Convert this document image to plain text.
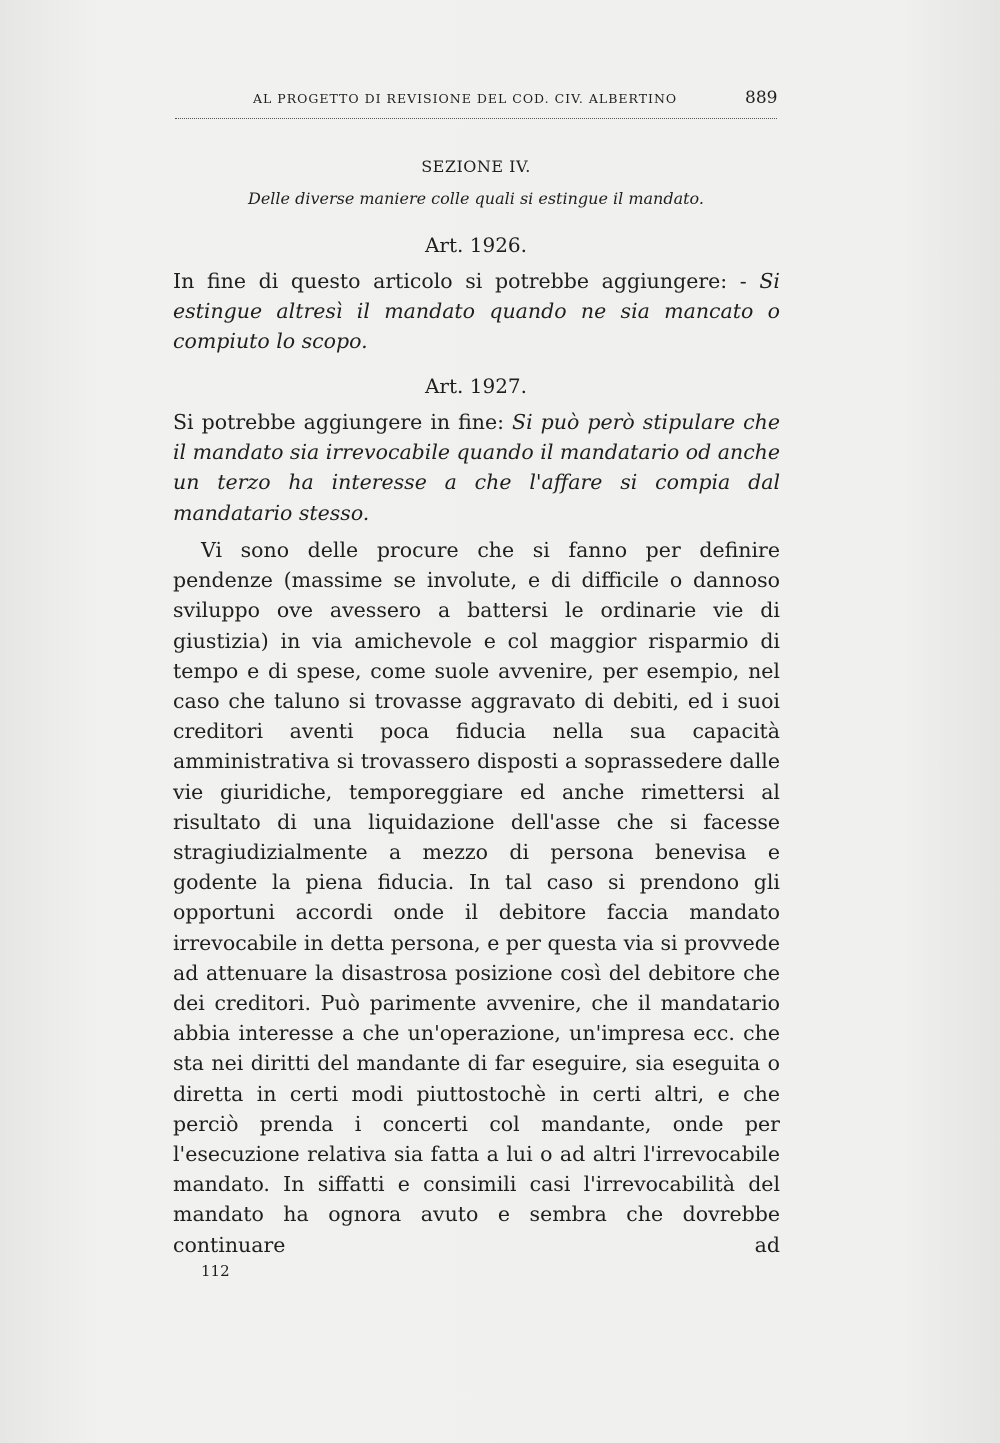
AL PROGETTO DI REVISIONE DEL COD. CIV. ALBERTINO	889
SEZIONE IV.
Delle diverse maniere colle quali si estingue il mandato.
Art. 1926.

In fine di questo articolo si potrebbe aggiungere: - Si estingue altresì il mandato quando ne sia mancato o compiuto lo scopo.

Art. 1927.

Si potrebbe aggiungere in fine: Si può però stipulare che il mandato sia irrevocabile quando il mandatario od anche un terzo ha interesse a che l'affare si compia dal mandatario stesso.

Vi sono delle procure che si fanno per definire pendenze (massime se involute, e di difficile o dannoso sviluppo ove avessero a battersi le ordinarie vie di giustizia) in via amichevole e col maggior risparmio di tempo e di spese, come suole avvenire, per esempio, nel caso che taluno si trovasse aggravato di debiti, ed i suoi creditori aventi poca fiducia nella sua capacità amministrativa si trovassero disposti a soprassedere dalle vie giuridiche, temporeggiare ed anche rimettersi al risultato di una liquidazione dell'asse che si facesse stragiudizialmente a mezzo di persona benevisa e godente la piena fiducia. In tal caso si prendono gli opportuni accordi onde il debitore faccia mandato irrevocabile in detta persona, e per questa via si provvede ad attenuare la disastrosa posizione così del debitore che dei creditori. Può parimente avvenire, che il mandatario abbia interesse a che un'operazione, un'impresa ecc. che sta nei diritti del mandante di far eseguire, sia eseguita o diretta in certi modi piuttostochè in certi altri, e che perciò prenda i concerti col mandante, onde per l'esecuzione relativa sia fatta a lui o ad altri l'irrevocabile mandato. In siffatti e consimili casi l'irrevocabilità del mandato ha ognora avuto e sembra che dovrebbe continuare ad

112
